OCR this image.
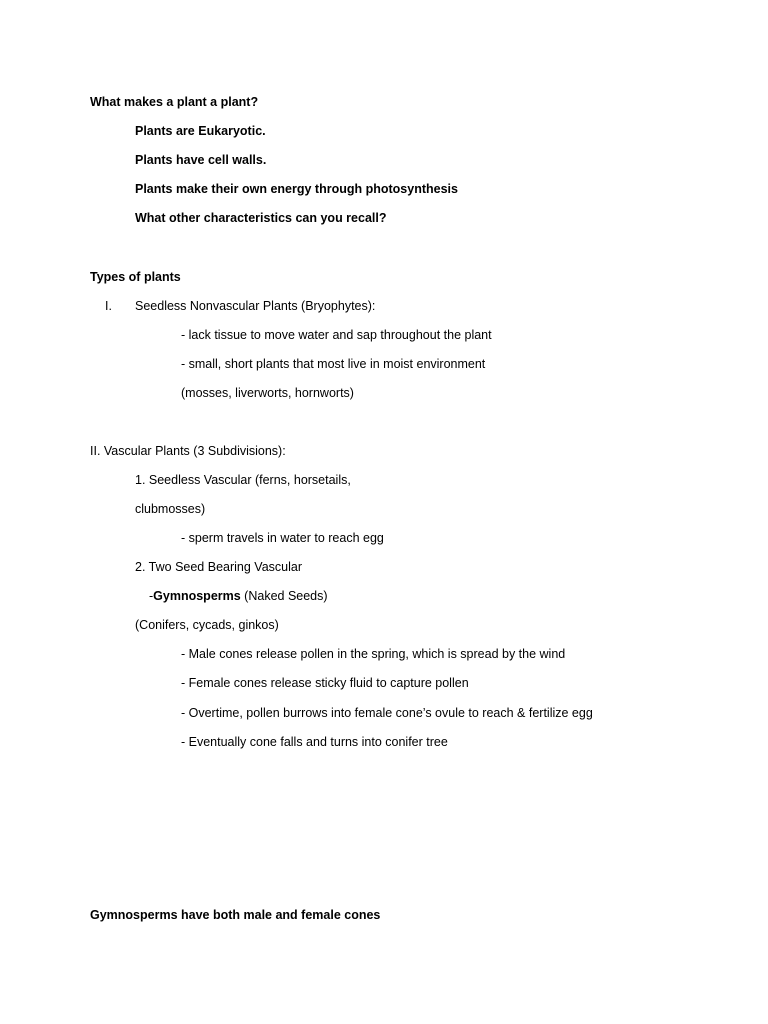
What makes a plant a plant?
Plants are Eukaryotic.
Plants have cell walls.
Plants make their own energy through photosynthesis
What other characteristics can you recall?
Types of plants
I. Seedless Nonvascular Plants (Bryophytes):
- lack tissue to move water and sap throughout the plant
- small, short plants that most live in moist environment
(mosses, liverworts, hornworts)
II. Vascular Plants (3 Subdivisions):
1. Seedless Vascular (ferns, horsetails,
clubmosses)
- sperm travels in water to reach egg
2. Two Seed Bearing Vascular
-Gymnosperms (Naked Seeds)
(Conifers, cycads, ginkos)
- Male cones release pollen in the spring, which is spread by the wind
- Female cones release sticky fluid to capture pollen
- Overtime, pollen burrows into female cone’s ovule to reach & fertilize egg
- Eventually cone falls and turns into conifer tree
Gymnosperms have both male and female cones
